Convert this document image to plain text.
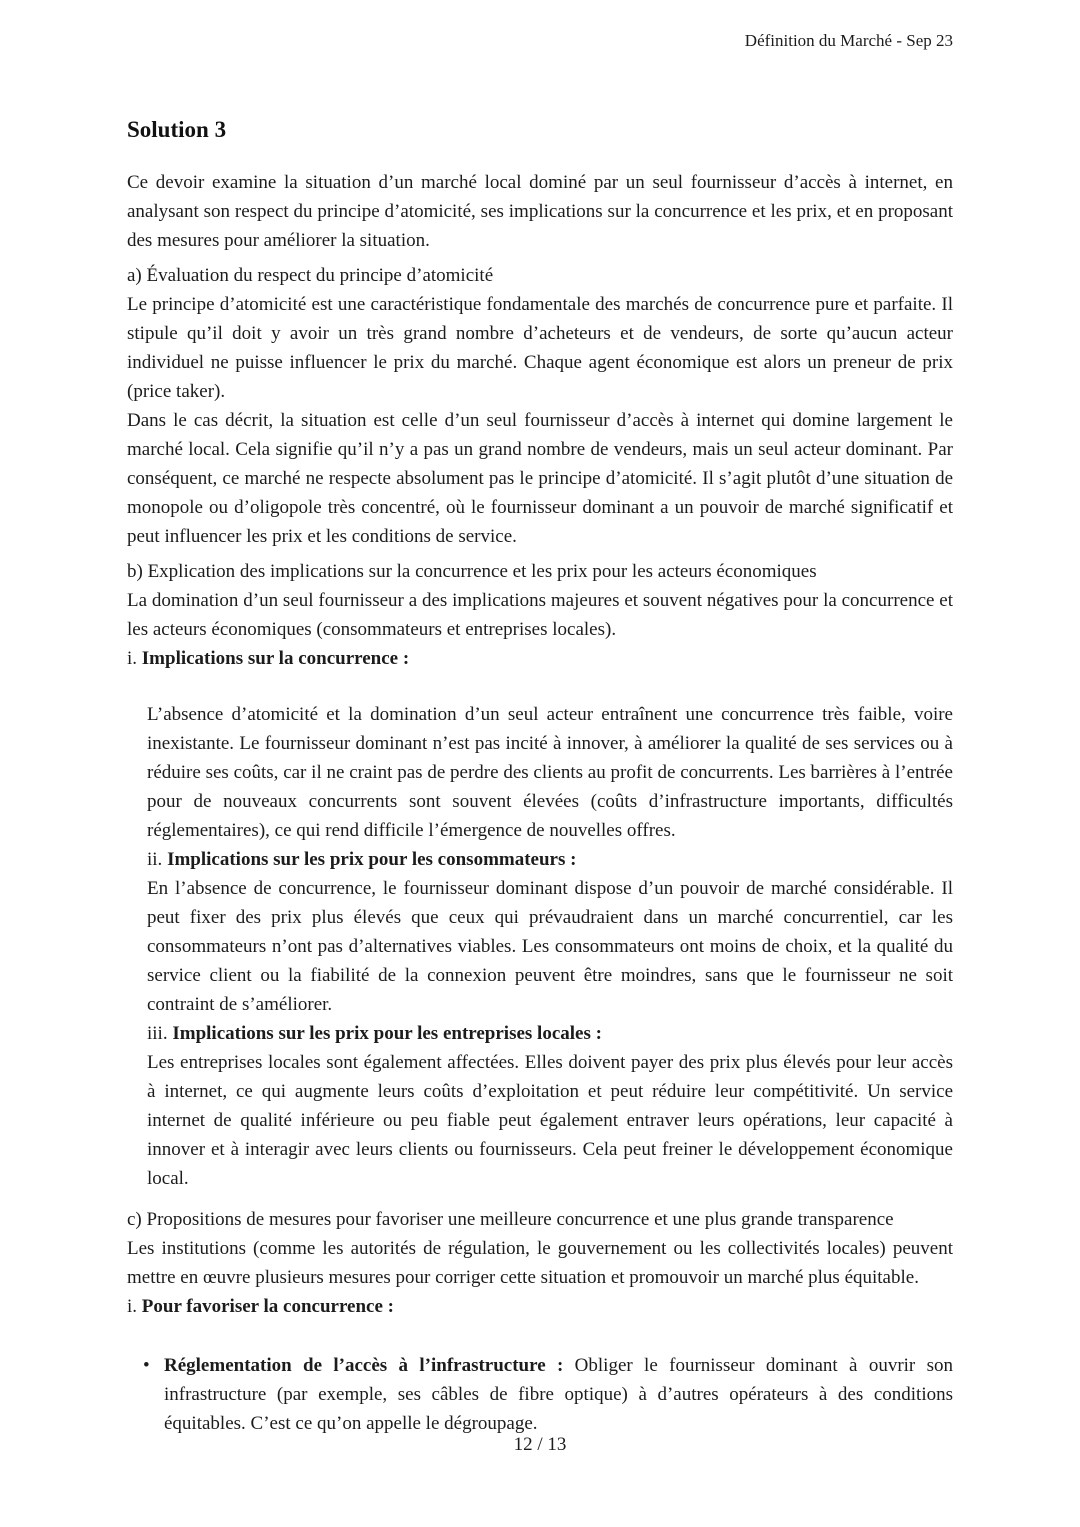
Définition du Marché - Sep 23
Solution 3

Ce devoir examine la situation d’un marché local dominé par un seul fournisseur d’accès à internet, en analysant son respect du principe d’atomicité, ses implications sur la concurrence et les prix, et en proposant des mesures pour améliorer la situation.

a) Évaluation du respect du principe d’atomicité

Le principe d’atomicité est une caractéristique fondamentale des marchés de concurrence pure et parfaite. Il stipule qu’il doit y avoir un très grand nombre d’acheteurs et de vendeurs, de sorte qu’aucun acteur individuel ne puisse influencer le prix du marché. Chaque agent économique est alors un preneur de prix (price taker).

Dans le cas décrit, la situation est celle d’un seul fournisseur d’accès à internet qui domine largement le marché local. Cela signifie qu’il n’y a pas un grand nombre de vendeurs, mais un seul acteur dominant. Par conséquent, ce marché ne respecte absolument pas le principe d’atomicité. Il s’agit plutôt d’une situation de monopole ou d’oligopole très concentré, où le fournisseur dominant a un pouvoir de marché significatif et peut influencer les prix et les conditions de service.

b) Explication des implications sur la concurrence et les prix pour les acteurs économiques

La domination d’un seul fournisseur a des implications majeures et souvent négatives pour la concurrence et les acteurs économiques (consommateurs et entreprises locales).

i. Implications sur la concurrence :

L’absence d’atomicité et la domination d’un seul acteur entraînent une concurrence très faible, voire inexistante. Le fournisseur dominant n’est pas incité à innover, à améliorer la qualité de ses services ou à réduire ses coûts, car il ne craint pas de perdre des clients au profit de concurrents. Les barrières à l’entrée pour de nouveaux concurrents sont souvent élevées (coûts d’infrastructure importants, difficultés réglementaires), ce qui rend difficile l’émergence de nouvelles offres.

ii. Implications sur les prix pour les consommateurs :

En l’absence de concurrence, le fournisseur dominant dispose d’un pouvoir de marché considérable. Il peut fixer des prix plus élevés que ceux qui prévaudraient dans un marché concurrentiel, car les consommateurs n’ont pas d’alternatives viables. Les consommateurs ont moins de choix, et la qualité du service client ou la fiabilité de la connexion peuvent être moindres, sans que le fournisseur ne soit contraint de s’améliorer.

iii. Implications sur les prix pour les entreprises locales :

Les entreprises locales sont également affectées. Elles doivent payer des prix plus élevés pour leur accès à internet, ce qui augmente leurs coûts d’exploitation et peut réduire leur compétitivité. Un service internet de qualité inférieure ou peu fiable peut également entraver leurs opérations, leur capacité à innover et à interagir avec leurs clients ou fournisseurs. Cela peut freiner le développement économique local.

c) Propositions de mesures pour favoriser une meilleure concurrence et une plus grande transparence

Les institutions (comme les autorités de régulation, le gouvernement ou les collectivités locales) peuvent mettre en œuvre plusieurs mesures pour corriger cette situation et promouvoir un marché plus équitable.

i. Pour favoriser la concurrence :
• Réglementation de l’accès à l’infrastructure : Obliger le fournisseur dominant à ouvrir son infrastructure (par exemple, ses câbles de fibre optique) à d’autres opérateurs à des conditions équitables. C’est ce qu’on appelle le dégroupage.
12 / 13
